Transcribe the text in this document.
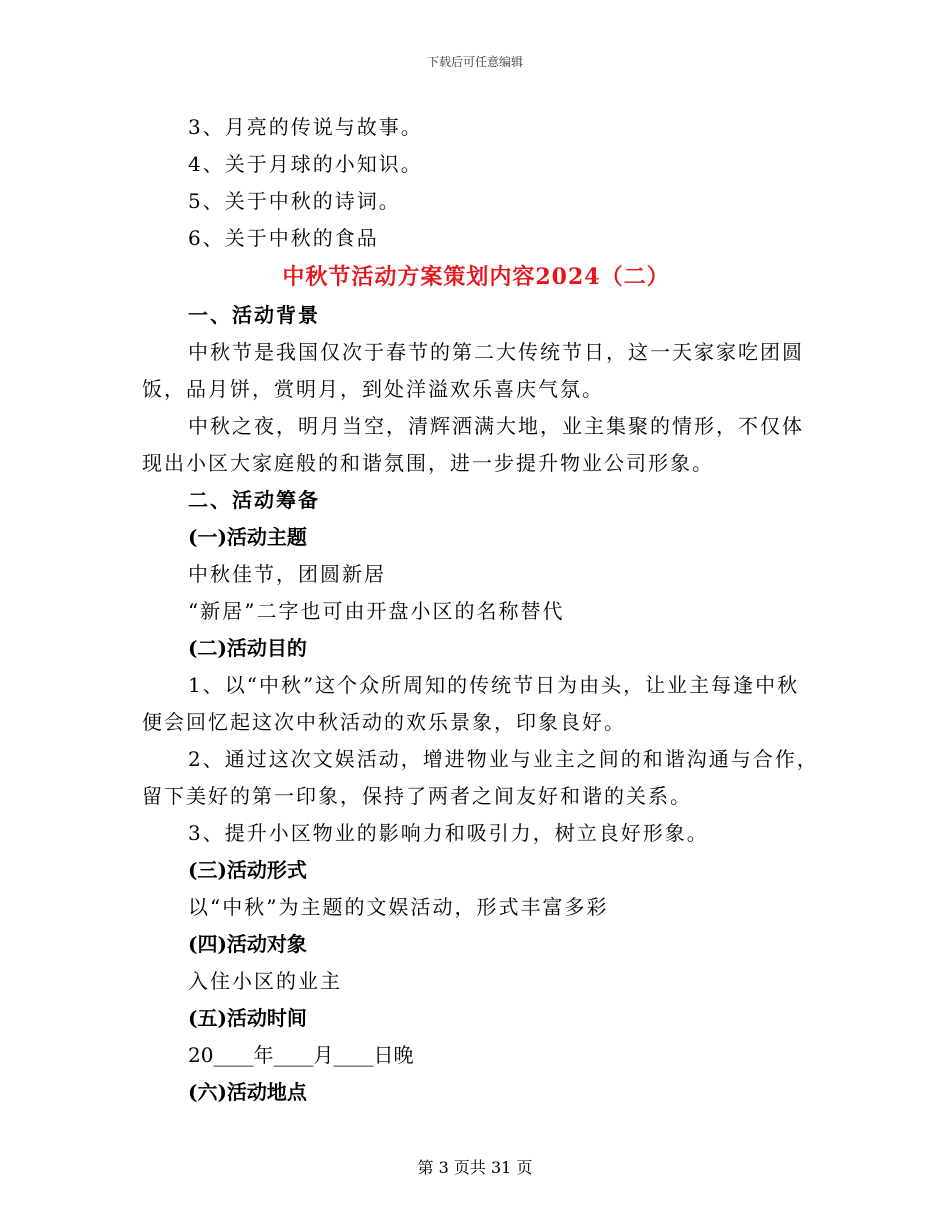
下载后可任意编辑
3、月亮的传说与故事。
4、关于月球的小知识。
5、关于中秋的诗词。
6、关于中秋的食品
中秋节活动方案策划内容2024（二）
一、活动背景
中秋节是我国仅次于春节的第二大传统节日，这一天家家吃团圆
饭，品月饼，赏明月，到处洋溢欢乐喜庆气氛。
中秋之夜，明月当空，清辉洒满大地，业主集聚的情形，不仅体
现出小区大家庭般的和谐氛围，进一步提升物业公司形象。
二、活动筹备
(一)活动主题
中秋佳节，团圆新居
“新居”二字也可由开盘小区的名称替代
(二)活动目的
1、以“中秋”这个众所周知的传统节日为由头，让业主每逢中秋
便会回忆起这次中秋活动的欢乐景象，印象良好。
2、通过这次文娱活动，增进物业与业主之间的和谐沟通与合作，
留下美好的第一印象，保持了两者之间友好和谐的关系。
3、提升小区物业的影响力和吸引力，树立良好形象。
(三)活动形式
以“中秋”为主题的文娱活动，形式丰富多彩
(四)活动对象
入住小区的业主
(五)活动时间
20____年____月____日晚
(六)活动地点
第 3 页共 31 页
